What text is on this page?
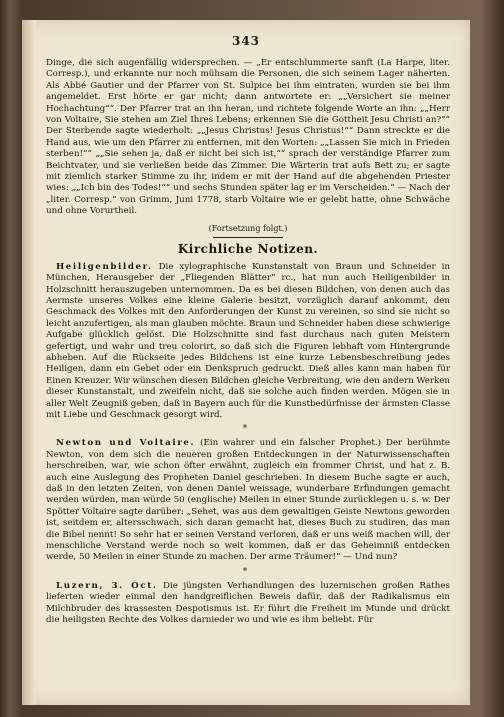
343

Dinge, die sich augenfällig widersprechen. — „Er entschlummerte sanft (La Harpe, liter. Corresp.), und erkannte nur noch mühsam die Personen, die sich seinem Lager näherten. Als Abbé Gautier und der Pfarrer von St. Sulpice bei ihm eintraten, wurden sie bei ihm angemeldet. Erst hörte er gar nicht; dann antwortete er: „„Versichert sie meiner Hochachtung““. Der Pfarrer trat an ihn heran, und richtete folgende Worte an ihn: „„Herr von Voltaire, Sie stehen am Ziel Ihres Lebens; erkennen Sie die Gottheit Jesu Christi an?““ Der Sterbende sagte wiederholt: „„Jesus Christus! Jesus Christus!““ Dann streckte er die Hand aus, wie um den Pfarrer zu entfernen, mit den Worten: „„Lassen Sie mich in Frieden sterben!““ „„Sie sehen ja, daß er nicht bei sich ist,““ sprach der verständige Pfarrer zum Beichtvater, und sie verließen beide das Zimmer. Die Wärterin trat aufs Bett zu; er sagte mit ziemlich starker Stimme zu ihr, indem er mit der Hand auf die abgehenden Priester wies: „„Ich bin des Todes!““ und sechs Stunden später lag er im Verscheiden.“ — Nach der „liter. Corresp.“ von Grimm, Juni 1778, starb Voltaire wie er gelebt hatte, ohne Schwäche und ohne Vorurtheil.

(Fortsetzung folgt.)
Kirchliche Notizen.

Heiligenbilder. Die xylographische Kunstanstalt von Braun und Schneider in München, Herausgeber der „Fliegenden Blätter“ rc., hat nun auch Heiligenbilder in Holzschnitt herauszugeben unternommen. Da es bei diesen Bildchen, von denen auch das Aermste unseres Volkes eine kleine Galerie besitzt, vorzüglich darauf ankommt, den Geschmack des Volkes mit den Anforderungen der Kunst zu vereinen, so sind sie nicht so leicht anzufertigen, als man glauben möchte. Braun und Schneider haben diese schwierige Aufgabe glücklich gelöst. Die Holzschnitte sind fast durchaus nach guten Meistern gefertigt, und wahr und treu colorirt, so daß sich die Figuren lebhaft vom Hintergrunde abheben. Auf die Rückseite jedes Bildchens ist eine kurze Lebensbeschreibung jedes Heiligen, dann ein Gebet oder ein Denkspruch gedruckt. Dieß alles kann man haben für Einen Kreuzer. Wir wünschen diesen Bildchen gleiche Verbreitung, wie den andern Werken dieser Kunstanstalt, und zweifeln nicht, daß sie solche auch finden werden. Mögen sie in aller Welt Zeugniß geben, daß in Bayern auch für die Kunstbedürfnisse der ärmsten Classe mit Liebe und Geschmack gesorgt wird.

*

Newton und Voltaire. (Ein wahrer und ein falscher Prophet.) Der berühmte Newton, von dem sich die neueren großen Entdeckungen in der Naturwissenschaften herschreiben, war, wie schon öfter erwähnt, zugleich ein frommer Christ, und hat z. B. auch eine Auslegung des Propheten Daniel geschrieben. In diesem Buche sagte er auch, daß in den letzten Zeiten, von denen Daniel weissage, wunderbare Erfindungen gemacht werden würden, man würde 50 (englische) Meilen in einer Stunde zurücklegen u. s. w. Der Spötter Voltaire sagte darüber: „Sehet, was aus dem gewaltigen Geiste Newtons geworden ist, seitdem er, altersschwach, sich daran gemacht hat, dieses Buch zu studiren, das man die Bibel nennt! So sehr hat er seinen Verstand verloren, daß er uns weiß machen will, der menschliche Verstand werde noch so weit kommen, daß er das Geheimniß entdecken werde, 50 Meilen in einer Stunde zu machen. Der arme Träumer!“ — Und nun?

*

Luzern, 3. Oct. Die jüngsten Verhandlungen des luzernischen großen Rathes lieferten wieder einmal den handgreiflichen Beweis dafür, daß der Radikalismus ein Milchbruder des krassesten Despotismus ist. Er führt die Freiheit im Munde und drückt die heiligsten Rechte des Volkes darnieder wo und wie es ihm beliebt. Für
